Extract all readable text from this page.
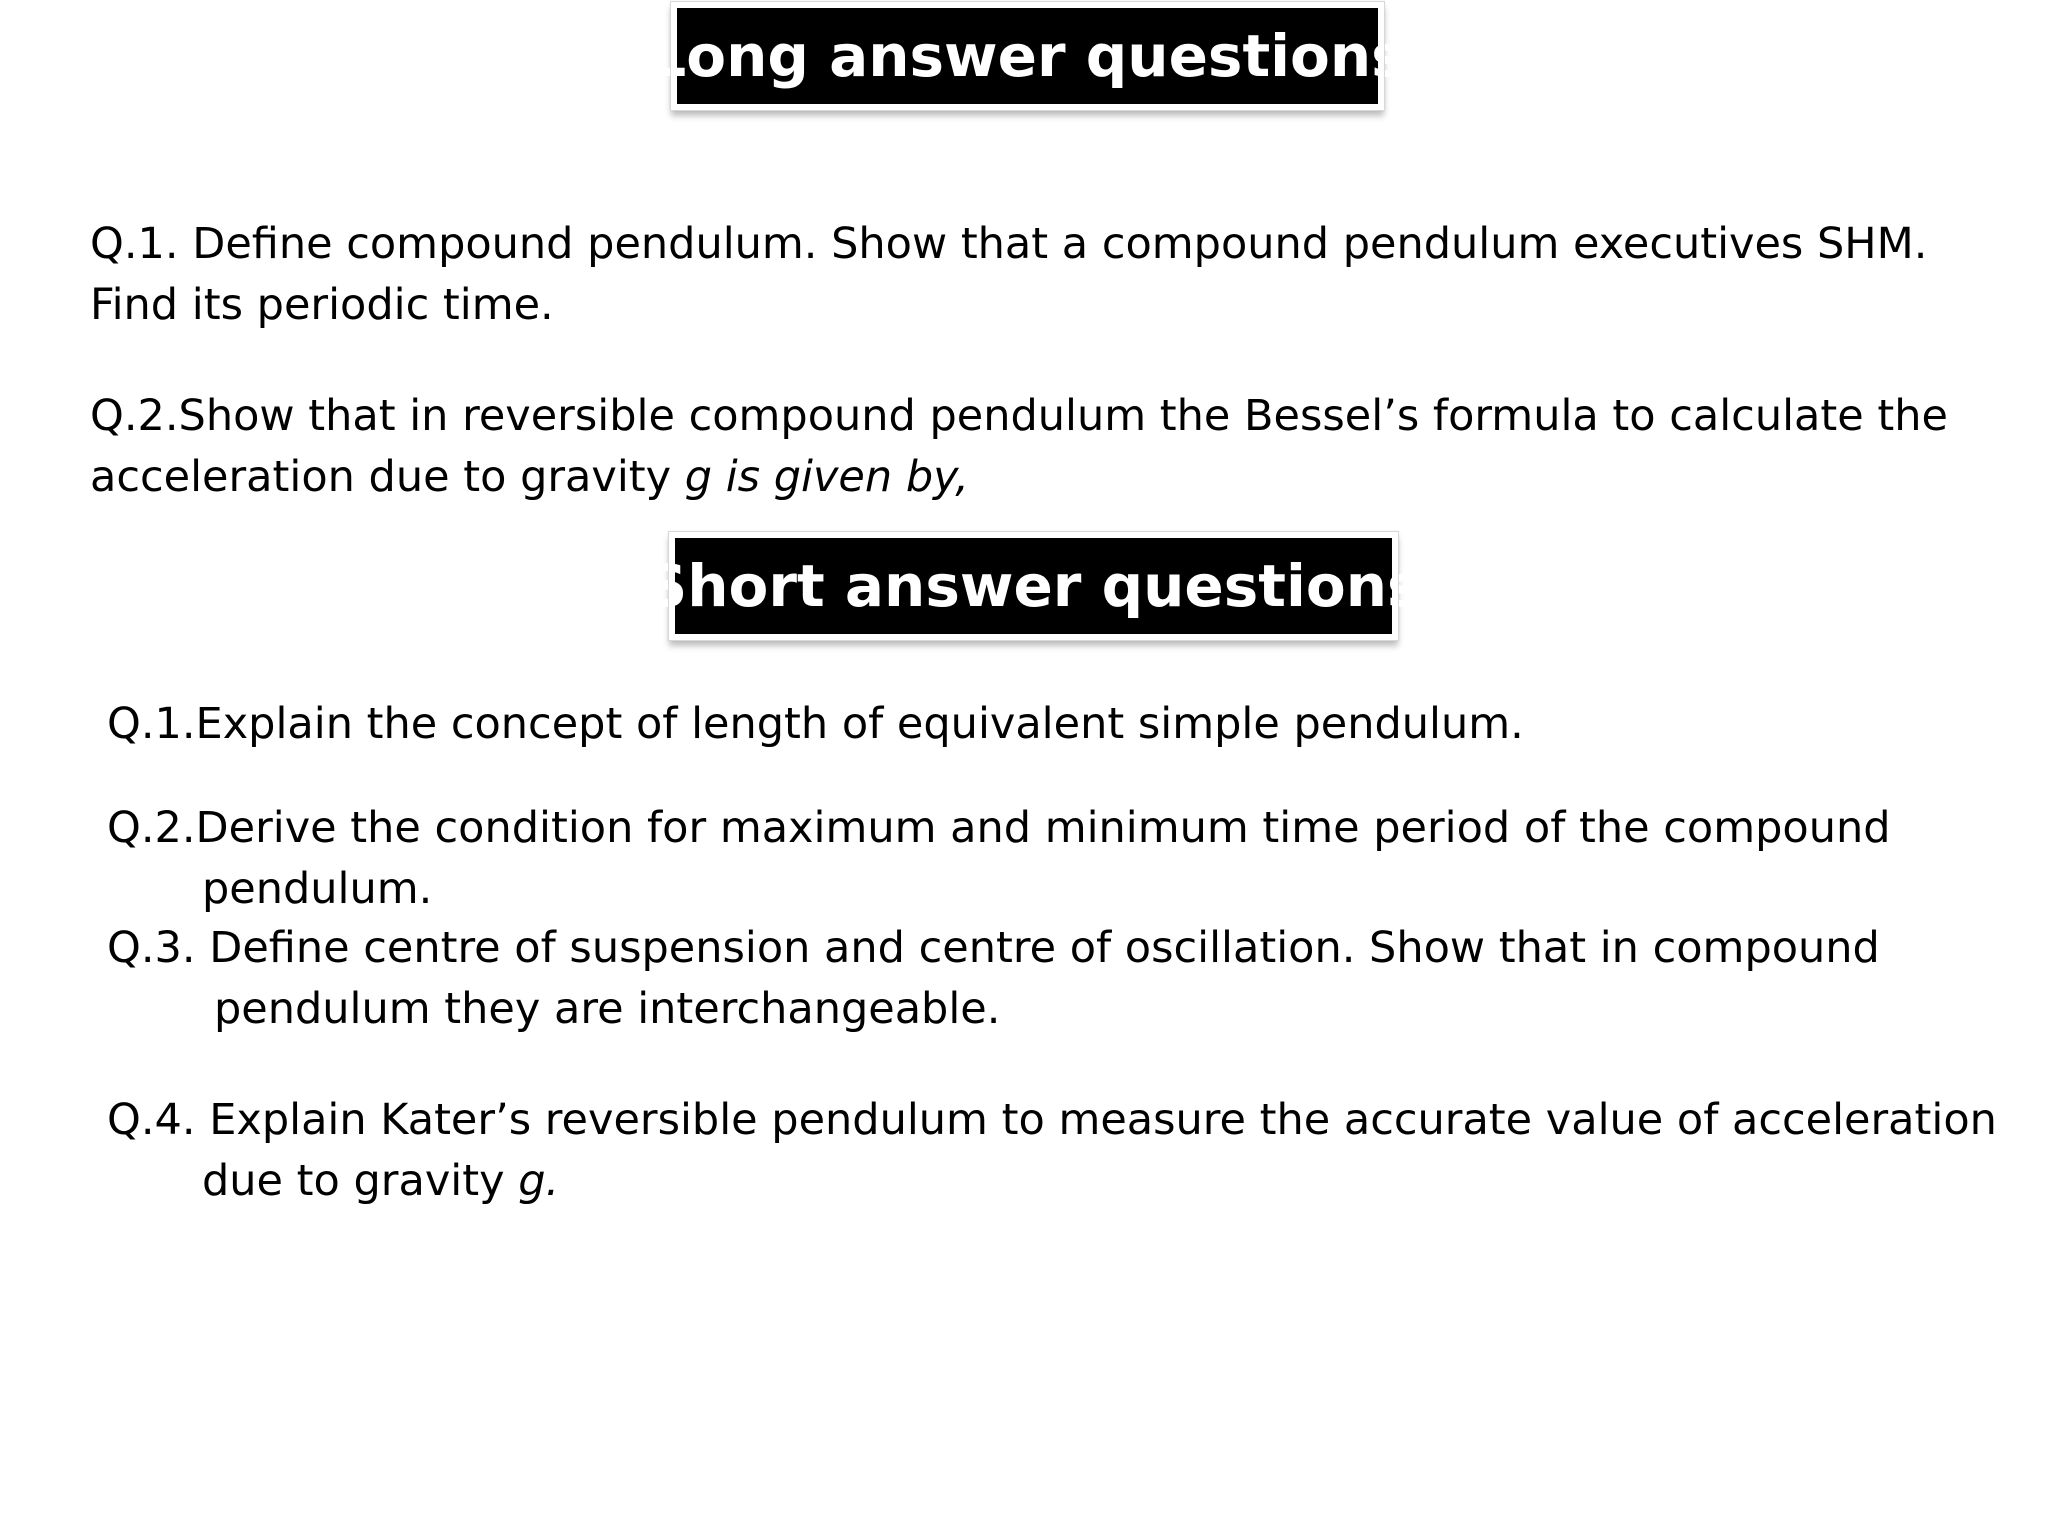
Long answer questions

Q.1. Define compound pendulum. Show that a compound pendulum executives SHM.
Find its periodic time.

Q.2.Show that in reversible compound pendulum the Bessel’s formula to calculate the
acceleration due to gravity g is given by,

Short answer questions

Q.1.Explain the concept of length of equivalent simple pendulum.

Q.2.Derive the condition for maximum and minimum time period of the compound
pendulum.

Q.3. Define centre of suspension and centre of oscillation. Show that in compound
pendulum they are interchangeable.

Q.4. Explain Kater’s reversible pendulum to measure the accurate value of acceleration
due to gravity g.
